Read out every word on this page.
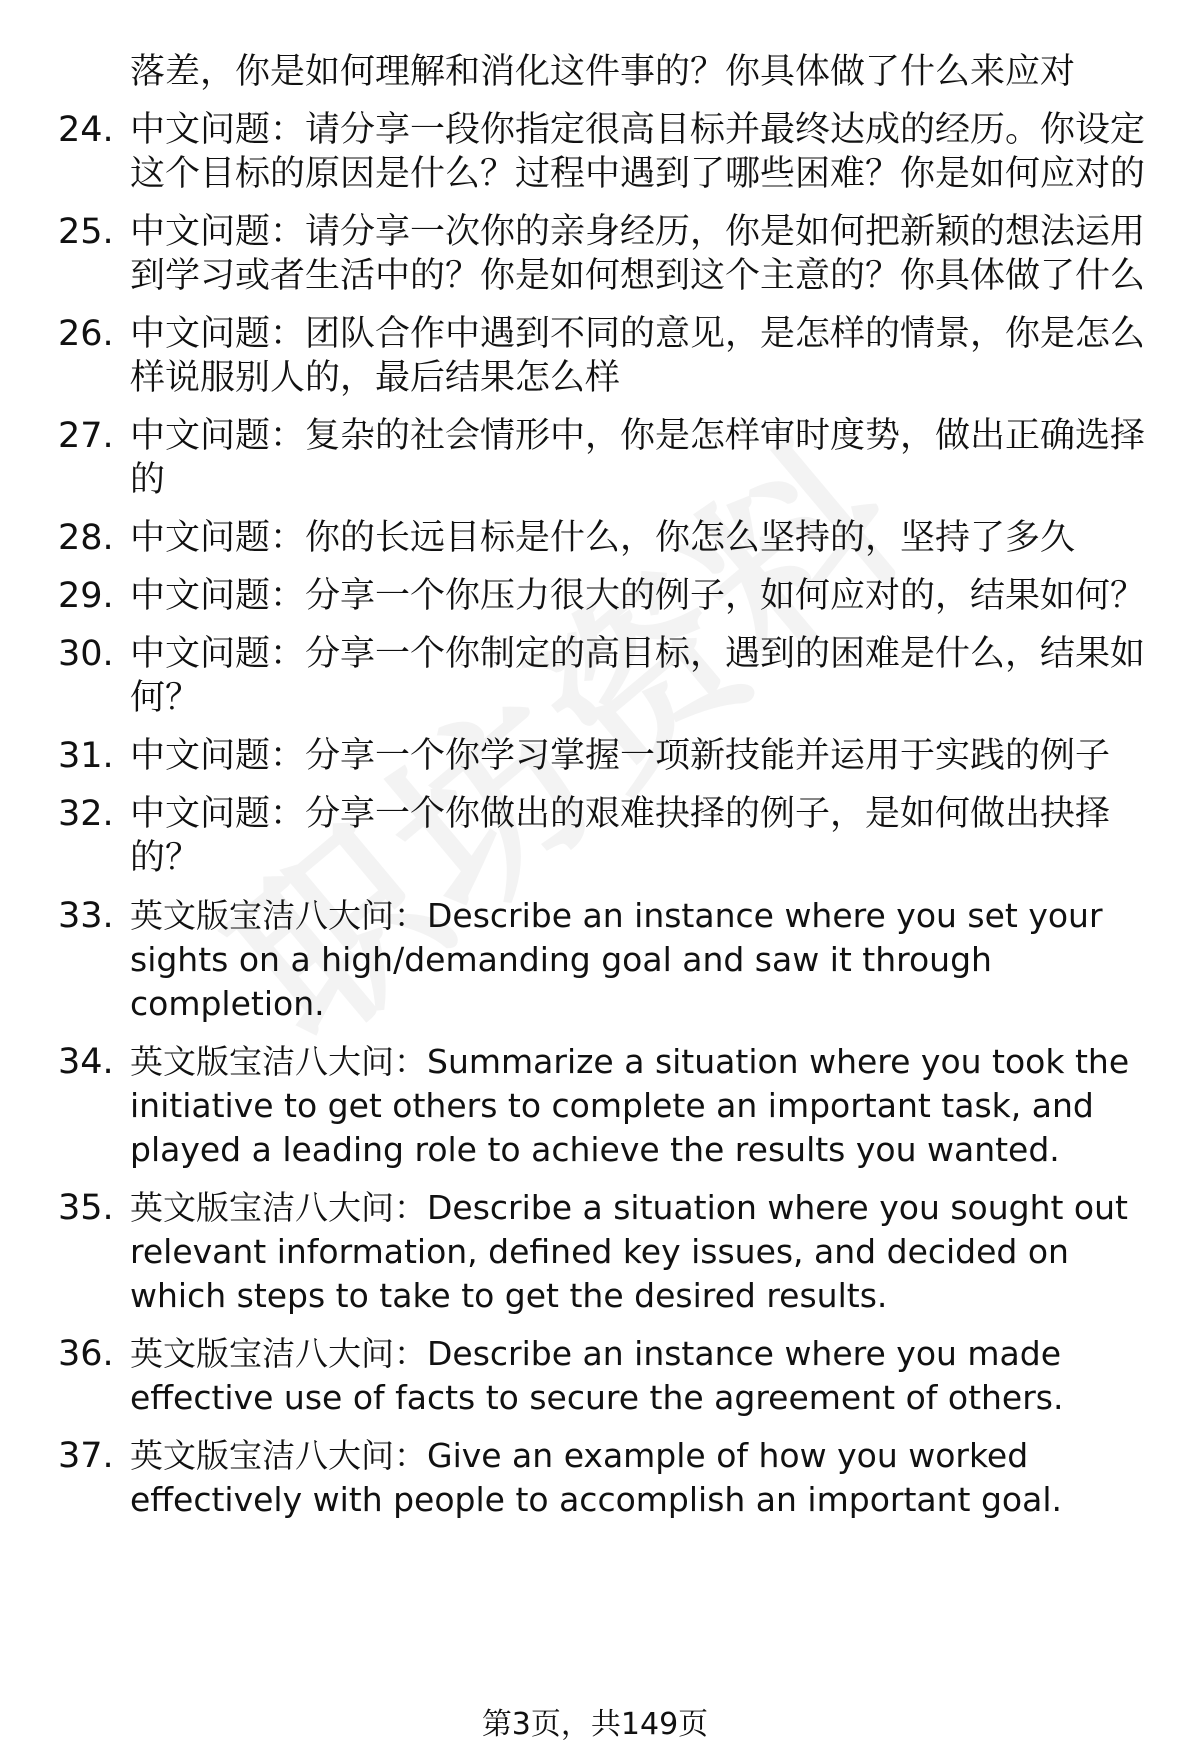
落差，你是如何理解和消化这件事的？你具体做了什么来应对
24. 中文问题：请分享一段你指定很高目标并最终达成的经历。你设定这个目标的原因是什么？过程中遇到了哪些困难？你是如何应对的
25. 中文问题：请分享一次你的亲身经历，你是如何把新颖的想法运用到学习或者生活中的？你是如何想到这个主意的？你具体做了什么
26. 中文问题：团队合作中遇到不同的意见，是怎样的情景，你是怎么样说服别人的，最后结果怎么样
27. 中文问题：复杂的社会情形中，你是怎样审时度势，做出正确选择的
28. 中文问题：你的长远目标是什么，你怎么坚持的，坚持了多久
29. 中文问题：分享一个你压力很大的例子，如何应对的，结果如何？
30. 中文问题：分享一个你制定的高目标，遇到的困难是什么，结果如何？
31. 中文问题：分享一个你学习掌握一项新技能并运用于实践的例子
32. 中文问题：分享一个你做出的艰难抉择的例子，是如何做出抉择的？
33. 英文版宝洁八大问：Describe an instance where you set your sights on a high/demanding goal and saw it through completion.
34. 英文版宝洁八大问：Summarize a situation where you took the initiative to get others to complete an important task, and played a leading role to achieve the results you wanted.
35. 英文版宝洁八大问：Describe a situation where you sought out relevant information, defined key issues, and decided on which steps to take to get the desired results.
36. 英文版宝洁八大问：Describe an instance where you made effective use of facts to secure the agreement of others.
37. 英文版宝洁八大问：Give an example of how you worked effectively with people to accomplish an important goal.
第3页，共149页
